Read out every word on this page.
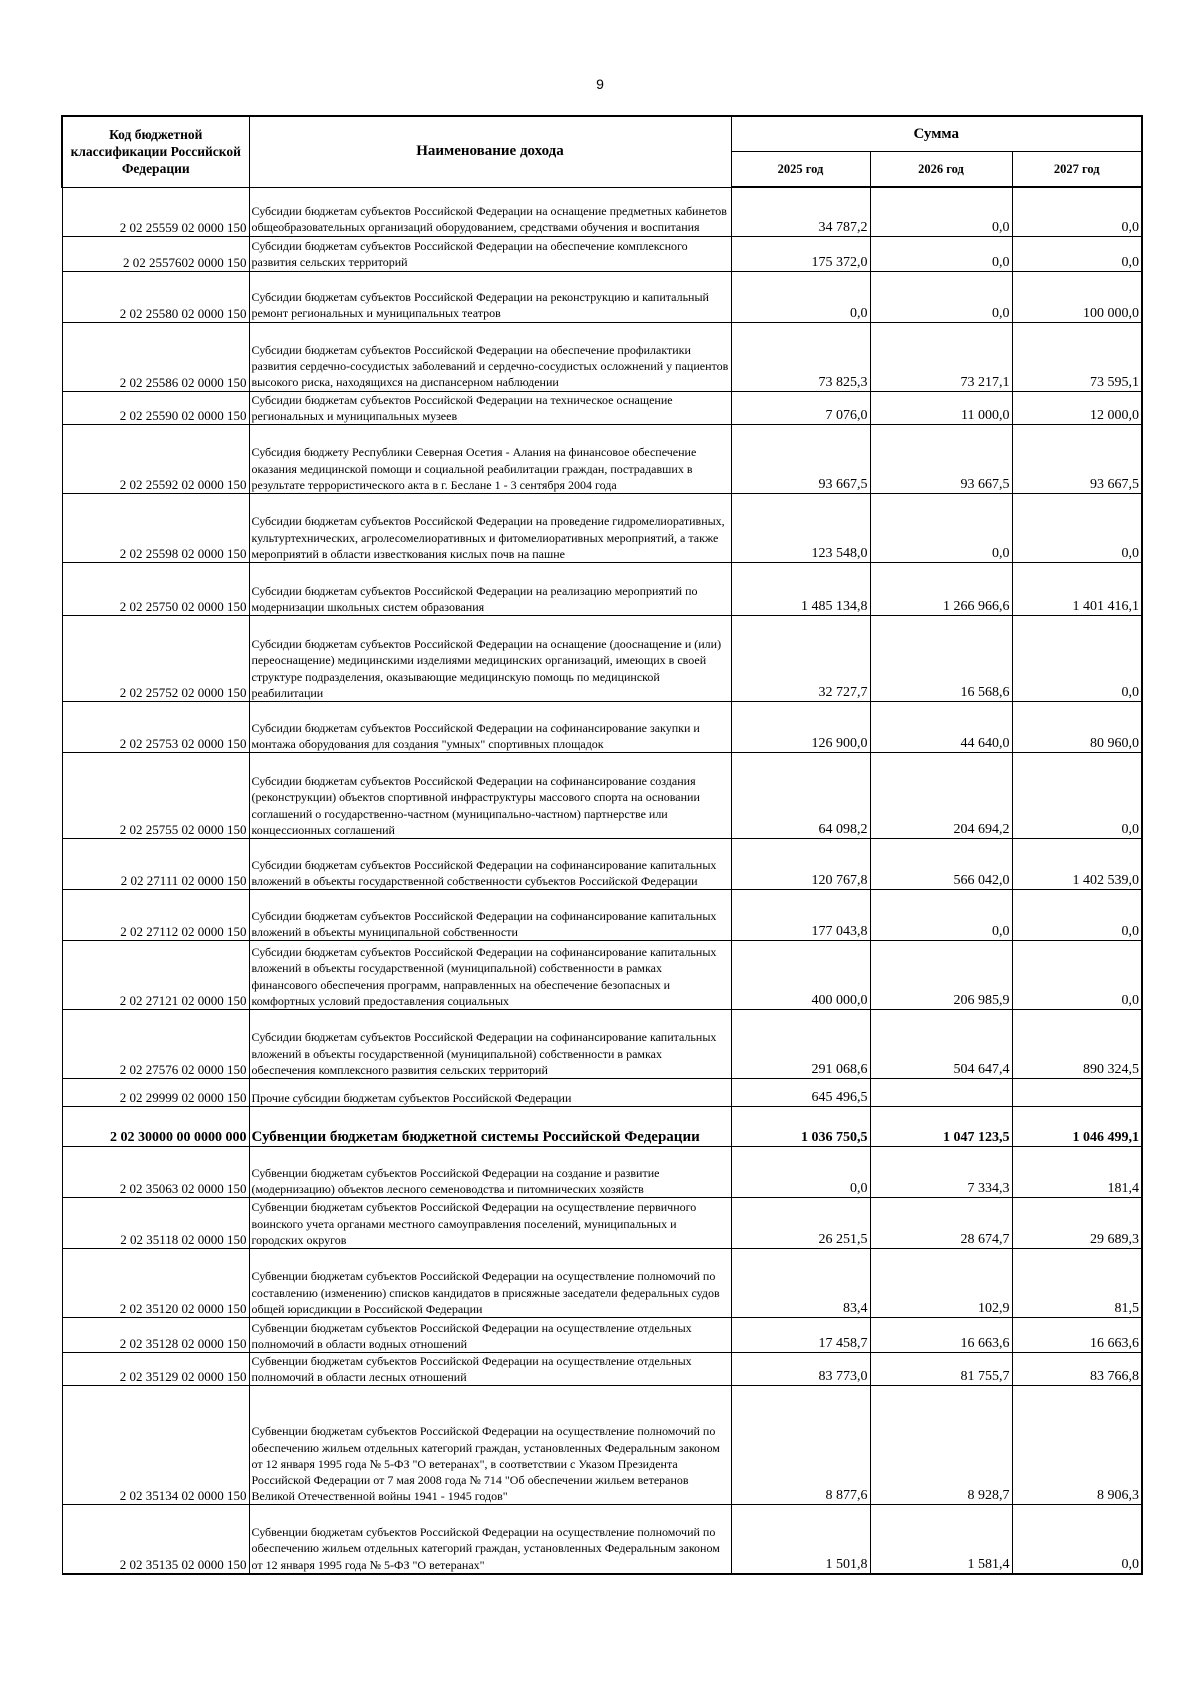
9
Код бюджетной классификации Российской Федерации	Наименование дохода	Сумма		
		2025 год	2026 год	2027 год
2 02 25559 02 0000 150	Субсидии бюджетам субъектов Российской Федерации на оснащение предметных кабинетов общеобразовательных организаций оборудованием, средствами обучения и воспитания	34 787,2	0,0	0,0
2 02 2557602 0000 150	Субсидии бюджетам субъектов Российской Федерации на обеспечение комплексного развития сельских территорий	175 372,0	0,0	0,0
2 02 25580 02 0000 150	Субсидии бюджетам субъектов Российской Федерации на реконструкцию и капитальный ремонт региональных и муниципальных театров	0,0	0,0	100 000,0
2 02 25586 02 0000 150	Субсидии бюджетам субъектов Российской Федерации на обеспечение профилактики развития сердечно-сосудистых заболеваний и сердечно-сосудистых осложнений у пациентов высокого риска, находящихся на диспансерном наблюдении	73 825,3	73 217,1	73 595,1
2 02 25590 02 0000 150	Субсидии бюджетам субъектов Российской Федерации на техническое оснащение региональных и муниципальных музеев	7 076,0	11 000,0	12 000,0
2 02 25592 02 0000 150	Субсидия бюджету Республики Северная Осетия - Алания на финансовое обеспечение оказания медицинской помощи и социальной реабилитации граждан, пострадавших в результате террористического акта в г. Беслане 1 - 3 сентября 2004 года	93 667,5	93 667,5	93 667,5
2 02 25598 02 0000 150	Субсидии бюджетам субъектов Российской Федерации на проведение гидромелиоративных, культуртехнических, агролесомелиоративных и фитомелиоративных мероприятий, а также мероприятий в области известкования кислых почв на пашне	123 548,0	0,0	0,0
2 02 25750 02 0000 150	Субсидии бюджетам субъектов Российской Федерации на реализацию мероприятий по модернизации школьных систем образования	1 485 134,8	1 266 966,6	1 401 416,1
2 02 25752 02 0000 150	Субсидии бюджетам субъектов Российской Федерации на оснащение (дооснащение и (или) переоснащение) медицинскими изделиями медицинских организаций, имеющих в своей структуре подразделения, оказывающие медицинскую помощь по медицинской реабилитации	32 727,7	16 568,6	0,0
2 02 25753 02 0000 150	Субсидии бюджетам субъектов Российской Федерации на софинансирование закупки и монтажа оборудования для создания "умных" спортивных площадок	126 900,0	44 640,0	80 960,0
2 02 25755 02 0000 150	Субсидии бюджетам субъектов Российской Федерации на софинансирование создания (реконструкции) объектов спортивной инфраструктуры массового спорта на основании соглашений о государственно-частном (муниципально-частном) партнерстве или концессионных соглашений	64 098,2	204 694,2	0,0
2 02 27111 02 0000 150	Субсидии бюджетам субъектов Российской Федерации на софинансирование капитальных вложений в объекты государственной собственности субъектов Российской Федерации	120 767,8	566 042,0	1 402 539,0
2 02 27112 02 0000 150	Субсидии бюджетам субъектов Российской Федерации на софинансирование капитальных вложений в объекты муниципальной собственности	177 043,8	0,0	0,0
2 02 27121 02 0000 150	Субсидии бюджетам субъектов Российской Федерации на софинансирование капитальных вложений в объекты государственной (муниципальной) собственности в рамках финансового обеспечения программ, направленных на обеспечение безопасных и комфортных условий предоставления социальных	400 000,0	206 985,9	0,0
2 02 27576 02 0000 150	Субсидии бюджетам субъектов Российской Федерации на софинансирование капитальных вложений в объекты государственной (муниципальной) собственности в рамках обеспечения комплексного развития сельских территорий	291 068,6	504 647,4	890 324,5
2 02 29999 02 0000 150	Прочие субсидии бюджетам субъектов Российской Федерации	645 496,5		
2 02 30000 00 0000 000	Субвенции бюджетам бюджетной системы Российской Федерации	1 036 750,5	1 047 123,5	1 046 499,1
2 02 35063 02 0000 150	Субвенции бюджетам субъектов Российской Федерации на создание и развитие (модернизацию) объектов лесного семеноводства и питомнических хозяйств	0,0	7 334,3	181,4
2 02 35118 02 0000 150	Субвенции бюджетам субъектов Российской Федерации на осуществление первичного воинского учета органами местного самоуправления поселений, муниципальных и городских округов	26 251,5	28 674,7	29 689,3
2 02 35120 02 0000 150	Субвенции бюджетам субъектов Российской Федерации на осуществление полномочий по составлению (изменению) списков кандидатов в присяжные заседатели федеральных судов общей юрисдикции в Российской Федерации	83,4	102,9	81,5
2 02 35128 02 0000 150	Субвенции бюджетам субъектов Российской Федерации на осуществление отдельных полномочий в области водных отношений	17 458,7	16 663,6	16 663,6
2 02 35129 02 0000 150	Субвенции бюджетам субъектов Российской Федерации на осуществление отдельных полномочий в области лесных отношений	83 773,0	81 755,7	83 766,8
2 02 35134 02 0000 150	Субвенции бюджетам субъектов Российской Федерации на осуществление полномочий по обеспечению жильем отдельных категорий граждан, установленных Федеральным законом от 12 января 1995 года № 5-ФЗ "О ветеранах", в соответствии с Указом Президента Российской Федерации от 7 мая 2008 года № 714 "Об обеспечении жильем ветеранов Великой Отечественной войны 1941 - 1945 годов"	8 877,6	8 928,7	8 906,3
2 02 35135 02 0000 150	Субвенции бюджетам субъектов Российской Федерации на осуществление полномочий по обеспечению жильем отдельных категорий граждан, установленных Федеральным законом от 12 января 1995 года № 5-ФЗ "О ветеранах"	1 501,8	1 581,4	0,0
